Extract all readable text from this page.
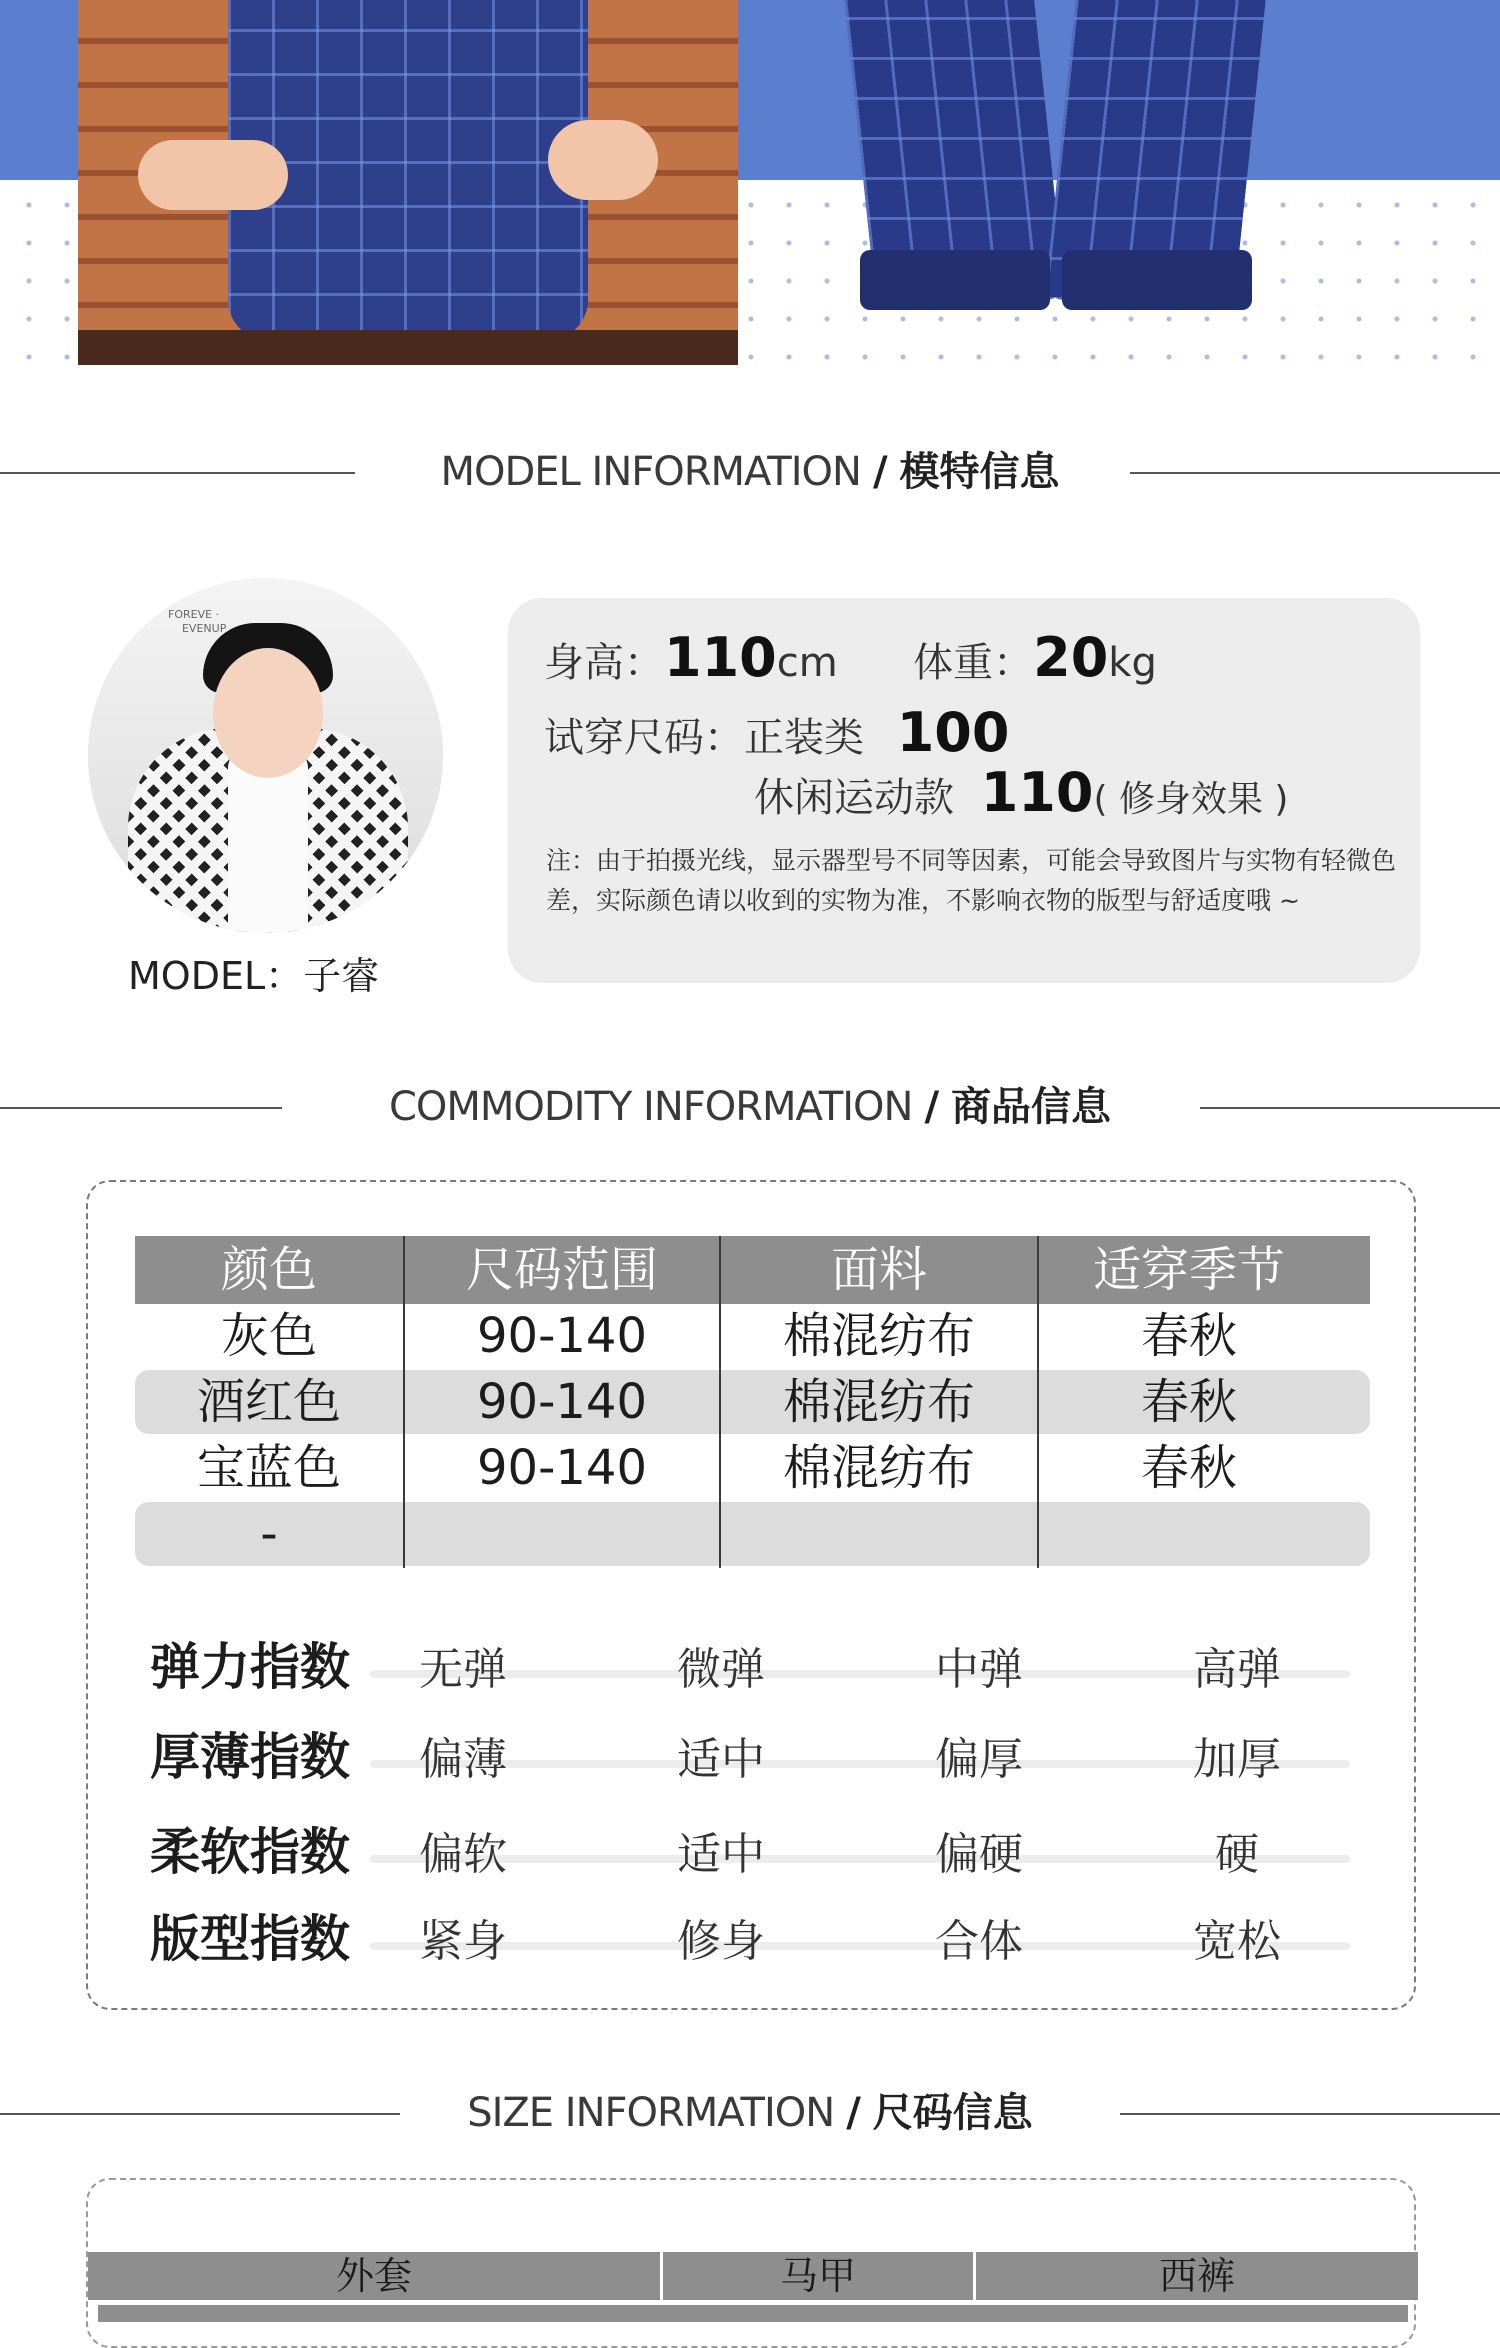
MODEL INFORMATION / 模特信息
FOREVE ·
EVENUP
MODEL：子睿
身高：110cm 体重：20kg
试穿尺码：正装类 100
休闲运动款 110( 修身效果 )
注：由于拍摄光线，显示器型号不同等因素，可能会导致图片与实物有轻微色差，实际颜色请以收到的实物为准，不影响衣物的版型与舒适度哦 ~
COMMODITY INFORMATION / 商品信息
颜色	尺码范围	面料	适穿季节
灰色	90-140	棉混纺布	春秋
酒红色	90-140	棉混纺布	春秋
宝蓝色	90-140	棉混纺布	春秋
-
弹力指数	无弹	微弹	中弹	高弹
厚薄指数	偏薄	适中	偏厚	加厚
柔软指数	偏软	适中	偏硬	硬
版型指数	紧身	修身	合体	宽松
SIZE INFORMATION / 尺码信息
外套	马甲	西裤
